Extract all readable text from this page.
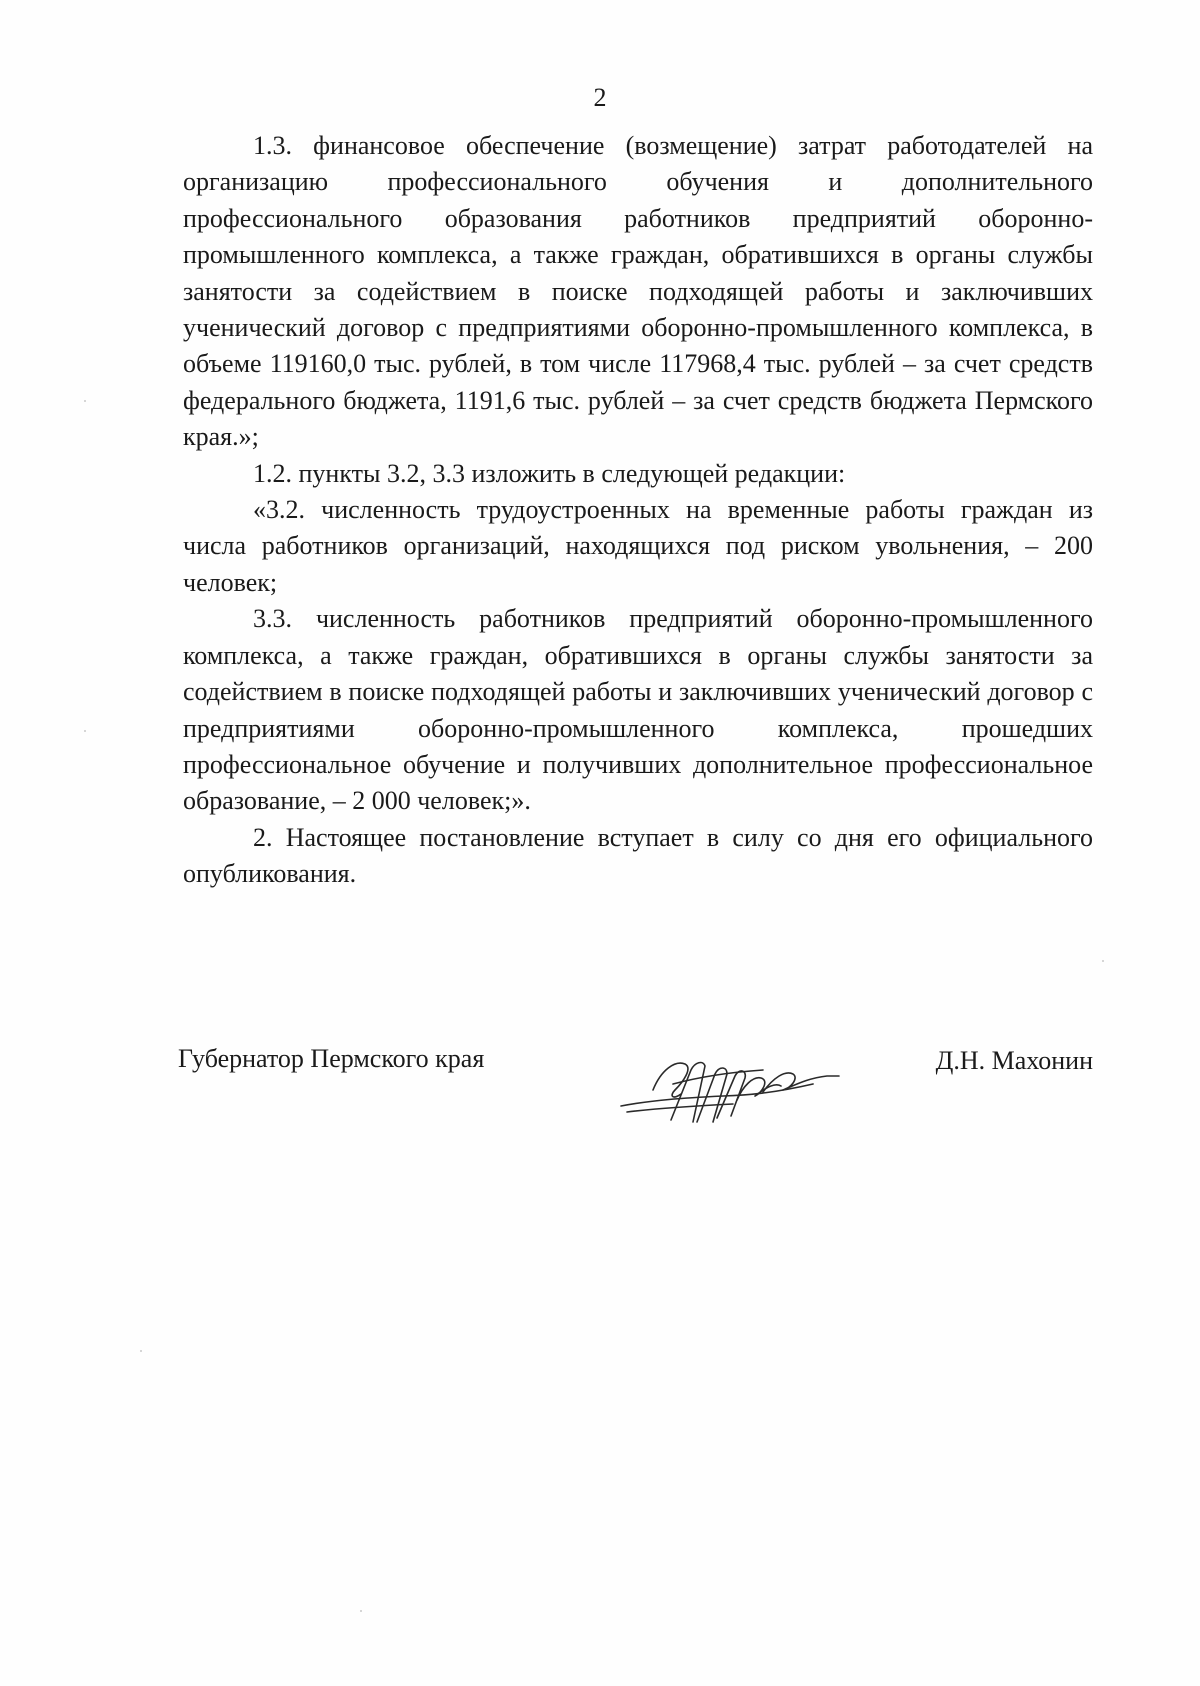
2

1.3. финансовое обеспечение (возмещение) затрат работодателей на организацию профессионального обучения и дополнительного профессионального образования работников предприятий оборонно-промышленного комплекса, а также граждан, обратившихся в органы службы занятости за содействием в поиске подходящей работы и заключивших ученический договор с предприятиями оборонно-промышленного комплекса, в объеме 119160,0 тыс. рублей, в том числе 117968,4 тыс. рублей – за счет средств федерального бюджета, 1191,6 тыс. рублей – за счет средств бюджета Пермского края.»;

1.2. пункты 3.2, 3.3 изложить в следующей редакции:

«3.2. численность трудоустроенных на временные работы граждан из числа работников организаций, находящихся под риском увольнения, – 200 человек;

3.3. численность работников предприятий оборонно-промышленного комплекса, а также граждан, обратившихся в органы службы занятости за содействием в поиске подходящей работы и заключивших ученический договор с предприятиями оборонно-промышленного комплекса, прошедших профессиональное обучение и получивших дополнительное профессиональное образование, – 2 000 человек;».

2. Настоящее постановление вступает в силу со дня его официального опубликования.

Губернатор Пермского края	Д.Н. Махонин
